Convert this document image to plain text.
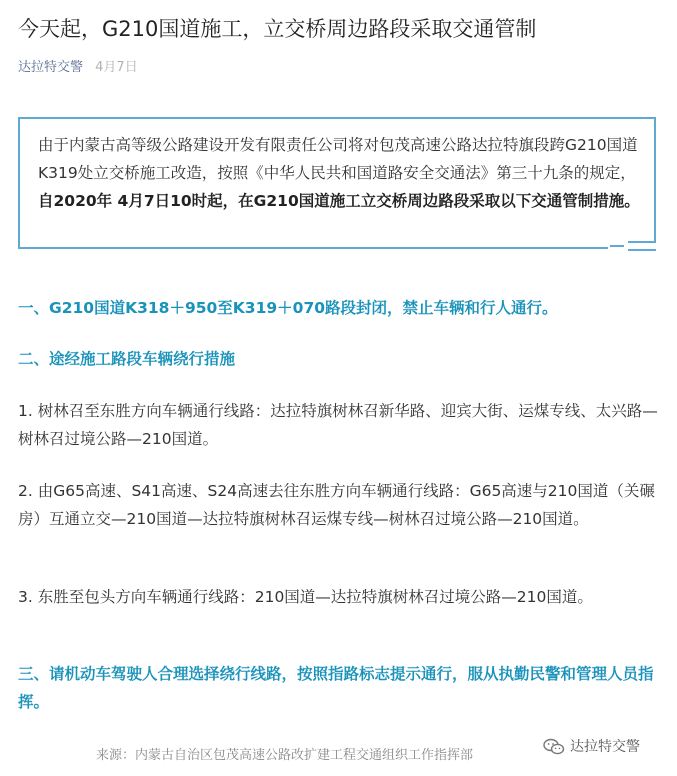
今天起，G210国道施工，立交桥周边路段采取交通管制
达拉特交警 4月7日
由于内蒙古高等级公路建设开发有限责任公司将对包茂高速公路达拉特旗段跨G210国道K319处立交桥施工改造，按照《中华人民共和国道路安全交通法》第三十九条的规定，自2020年 4月7日10时起，在G210国道施工立交桥周边路段采取以下交通管制措施。
一、G210国道K318＋950至K319＋070路段封闭，禁止车辆和行人通行。
二、途经施工路段车辆绕行措施
1. 树林召至东胜方向车辆通行线路：达拉特旗树林召新华路、迎宾大街、运煤专线、太兴路—树林召过境公路—210国道。
2. 由G65高速、S41高速、S24高速去往东胜方向车辆通行线路：G65高速与210国道（关碾房）互通立交—210国道—达拉特旗树林召运煤专线—树林召过境公路—210国道。
3. 东胜至包头方向车辆通行线路：210国道—达拉特旗树林召过境公路—210国道。
三、请机动车驾驶人合理选择绕行线路，按照指路标志提示通行，服从执勤民警和管理人员指挥。
来源：内蒙古自治区包茂高速公路改扩建工程交通组织工作指挥部
达拉特交警
